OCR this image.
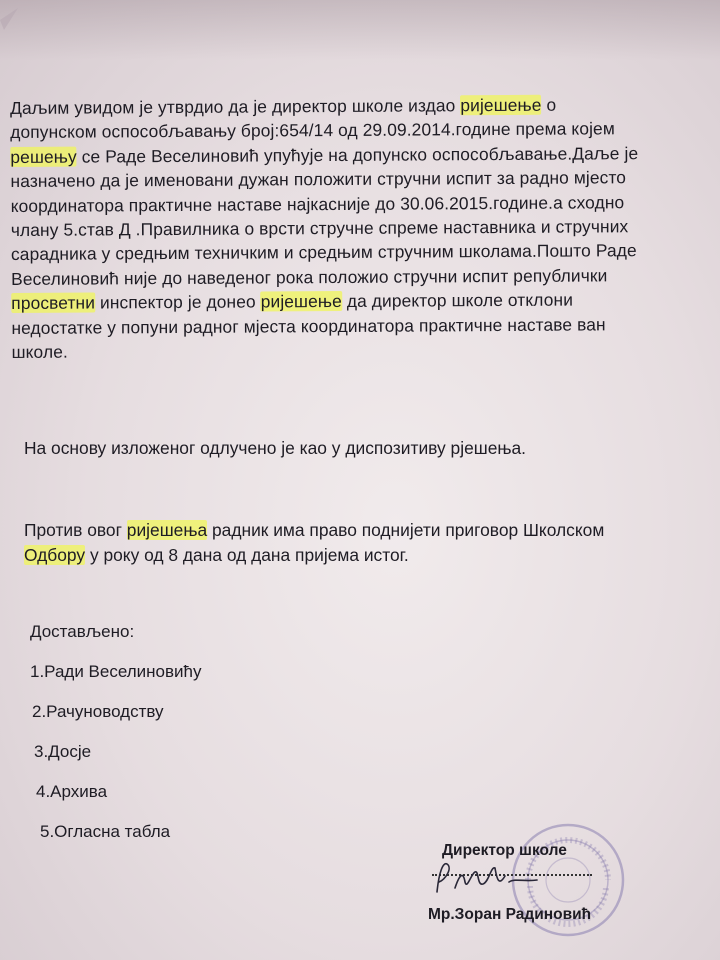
Даљим увидом је утврдио да је директор школе издао риjешење о
допунском оспособљавању број:654/14 од 29.09.2014.године према којем
решењу се Раде Веселиновић упућује на допунско оспособљавање.Даље је
назначено да је именовани дужан положити стручни испит за радно мјесто
координатора практичне наставе најкасније до 30.06.2015.године.а сходно
члану 5.став Д .Правилника о врсти стручне спреме наставника и стручних
сарадника у средњим техничким и средњим стручним школама.Пошто Раде
Веселиновић није до наведеног рока положио стручни испит републички
просветни инспектор је донео риjешење да директор школе отклони
недостатке у попуни радног мјеста координатора практичне наставе ван
школе.
На основу изложеног одлучено је као у диспозитиву рјешења.
Против овог риjешења радник има право поднијети приговор Школском
Одбору у року од 8 дана од дана пријема истог.
Достављено:
1.Ради Веселиновићу
2.Рачуноводству
3.Досје
4.Архива
5.Огласна табла
Директор школе
Мр.Зоран Радиновић
